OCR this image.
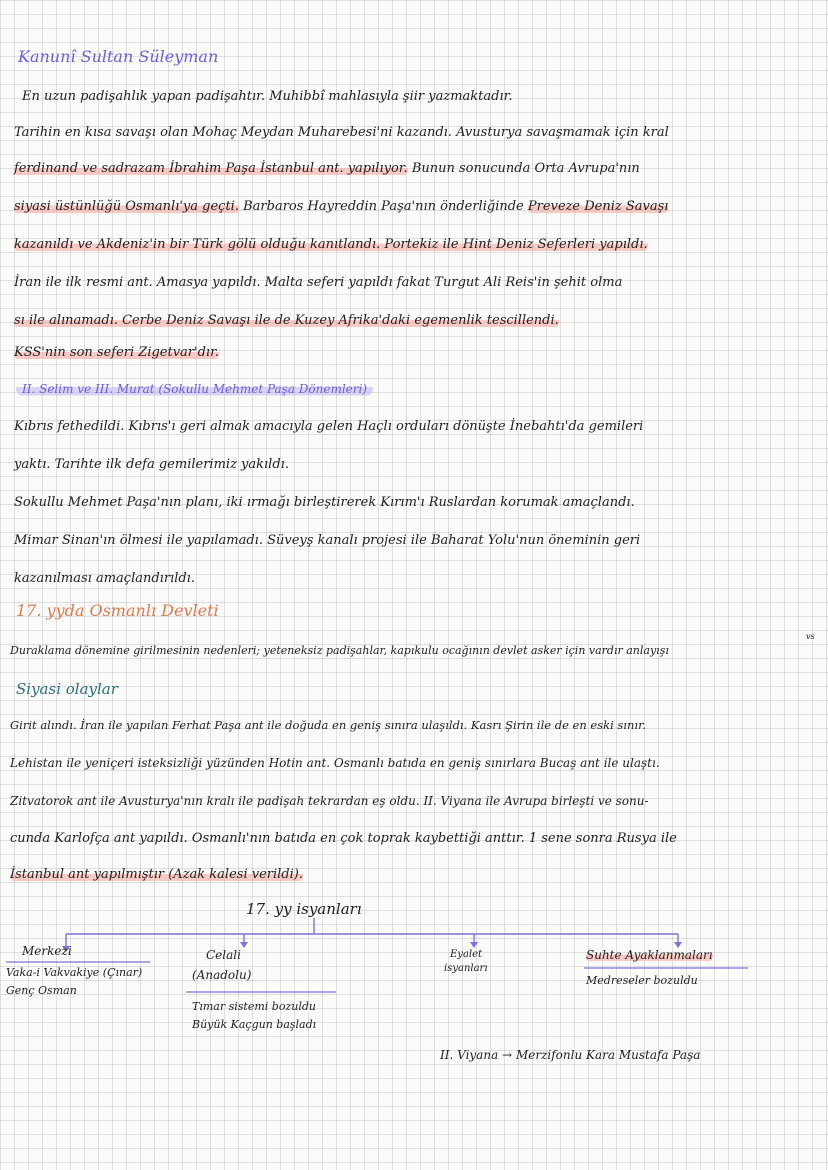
Kanunî Sultan Süleyman
En uzun padişahlık yapan padişahtır. Muhibbî mahlasıyla şiir yazmaktadır.
Tarihin en kısa savaşı olan Mohaç Meydan Muharebesi'ni kazandı. Avusturya savaşmamak için kral
ferdinand ve sadrazam İbrahim Paşa İstanbul ant. yapılıyor. Bunun sonucunda Orta Avrupa'nın
siyasi üstünlüğü Osmanlı'ya geçti. Barbaros Hayreddin Paşa'nın önderliğinde Preveze Deniz Savaşı
kazanıldı ve Akdeniz'in bir Türk gölü olduğu kanıtlandı. Portekiz ile Hint Deniz Seferleri yapıldı.
İran ile ilk resmi ant. Amasya yapıldı. Malta seferi yapıldı fakat Turgut Ali Reis'in şehit olma
sı ile alınamadı. Cerbe Deniz Savaşı ile de Kuzey Afrika'daki egemenlik tescillendi.
KSS'nin son seferi Zigetvar'dır.
II. Selim ve III. Murat (Sokullu Mehmet Paşa Dönemleri)
Kıbrıs fethedildi. Kıbrıs'ı geri almak amacıyla gelen Haçlı orduları dönüşte İnebahtı'da gemileri
yaktı. Tarihte ilk defa gemilerimiz yakıldı.
Sokullu Mehmet Paşa'nın planı, iki ırmağı birleştirerek Kırım'ı Ruslardan korumak amaçlandı.
Mimar Sinan'ın ölmesi ile yapılamadı. Süveyş kanalı projesi ile Baharat Yolu'nun öneminin geri
kazanılması amaçlandırıldı.
17. yyda Osmanlı Devleti
Duraklama dönemine girilmesinin nedenleri; yeteneksiz padişahlar, kapıkulu ocağının devlet asker için vardır anlayışı
vs
Siyasi olaylar
Girit alındı. İran ile yapılan Ferhat Paşa ant ile doğuda en geniş sınıra ulaşıldı. Kasrı Şirin ile de en eski sınır.
Lehistan ile yeniçeri isteksizliği yüzünden Hotin ant. Osmanlı batıda en geniş sınırlara Bucaş ant ile ulaştı.
Zitvatorok ant ile Avusturya'nın kralı ile padişah tekrardan eş oldu. II. Viyana ile Avrupa birleşti ve sonu-
cunda Karlofça ant yapıldı. Osmanlı'nın batıda en çok toprak kaybettiği anttır. 1 sene sonra Rusya ile
İstanbul ant yapılmıştır (Azak kalesi verildi).
17. yy isyanları
Merkezi
Vaka-i Vakvakiye (Çınar)
Genç Osman
Celali
(Anadolu)
Tımar sistemi bozuldu
Büyük Kaçgun başladı
Eyalet
isyanları
Suhte Ayaklanmaları
Medreseler bozuldu
II. Viyana → Merzifonlu Kara Mustafa Paşa
